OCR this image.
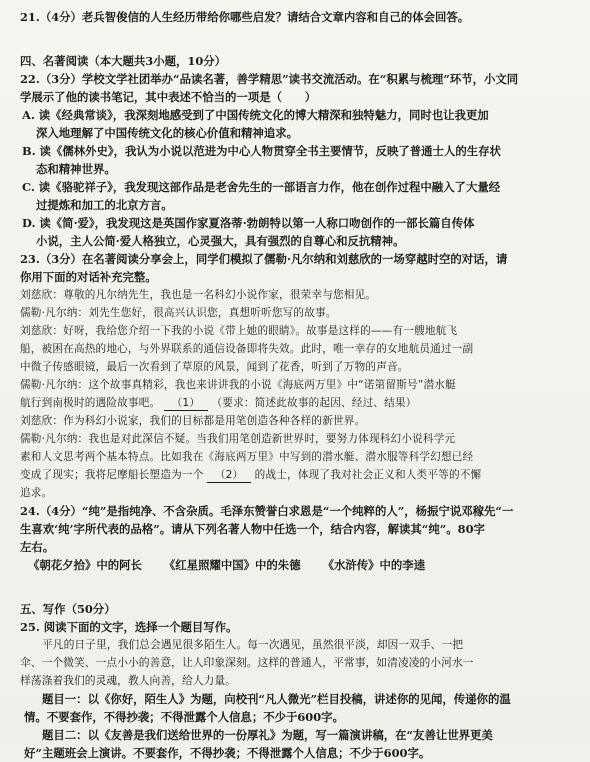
21.（4分）老兵智俊信的人生经历带给你哪些启发？请结合文章内容和自己的体会回答。
四、名著阅读（本大题共3小题，10分）
22.（3分）学校文学社团举办“品读名著，善学精思”读书交流活动。在“积累与梳理”环节，小文同
学展示了他的读书笔记，其中表述不恰当的一项是（　　）
A. 读《经典常谈》，我深刻地感受到了中国传统文化的博大精深和独特魅力，同时也让我更加
深入地理解了中国传统文化的核心价值和精神追求。
B. 读《儒林外史》，我认为小说以范进为中心人物贯穿全书主要情节，反映了普通士人的生存状
态和精神世界。
C. 读《骆驼祥子》，我发现这部作品是老舍先生的一部语言力作，他在创作过程中融入了大量经
过提炼和加工的北京方言。
D. 读《简·爱》，我发现这是英国作家夏洛蒂·勃朗特以第一人称口吻创作的一部长篇自传体
小说，主人公简·爱人格独立，心灵强大，具有强烈的自尊心和反抗精神。
23.（3分）在名著阅读分享会上，同学们模拟了儒勒·凡尔纳和刘慈欣的一场穿越时空的对话，请
你用下面的对话补充完整。
刘慈欣：尊敬的凡尔纳先生，我也是一名科幻小说作家，很荣幸与您相见。
儒勒·凡尔纳：刘先生您好，很高兴认识您，真想听听您写的故事。
刘慈欣：好呀，我给您介绍一下我的小说《带上她的眼睛》。故事是这样的——有一艘地航飞
船，被困在高热的地心，与外界联系的通信设备即将失效。此时，唯一幸存的女地航员通过一副
中微子传感眼镜，最后一次看到了草原的风景，闻到了花香，听到了万物的声音。
儒勒·凡尔纳：这个故事真精彩，我也来讲讲我的小说《海底两万里》中“诺第留斯号”潜水艇
航行到南极时的遇险故事吧。 （1） （要求：简述此故事的起因、经过、结果）
刘慈欣：作为科幻小说家，我们的目标都是用笔创造各种各样的新世界。
儒勒·凡尔纳：我也是对此深信不疑。当我们用笔创造新世界时，要努力体现科幻小说科学元
素和人文思考两个基本特点。比如我在《海底两万里》中写到的潜水艇、潜水服等科学幻想已经
变成了现实；我将尼摩船长塑造为一个 （2） 的战士，体现了我对社会正义和人类平等的不懈
追求。
24.（4分）“纯”是指纯净、不含杂质。毛泽东赞誉白求恩是“一个纯粹的人”，杨振宁说邓稼先“一
生喜欢‘纯’字所代表的品格”。请从下列名著人物中任选一个，结合内容，解读其“纯”。80字
左右。
《朝花夕拾》中的阿长 《红星照耀中国》中的朱德 《水浒传》中的李逵
五、写作（50分）
25. 阅读下面的文字，选择一个题目写作。
平凡的日子里，我们总会遇见很多陌生人。每一次遇见，虽然很平淡，却因一双手、一把
伞、一个微笑、一点小小的善意，让人印象深刻。这样的普通人，平常事，如清凌凌的小河水一
样荡涤着我们的灵魂，教人向善，给人力量。
题目一：以《你好，陌生人》为题，向校刊“凡人微光”栏目投稿，讲述你的见闻，传递你的温
情。不要套作，不得抄袭；不得泄露个人信息；不少于600字。
题目二：以《友善是我们送给世界的一份厚礼》为题，写一篇演讲稿，在“友善让世界更美
好”主题班会上演讲。不要套作，不得抄袭；不得泄露个人信息；不少于600字。
